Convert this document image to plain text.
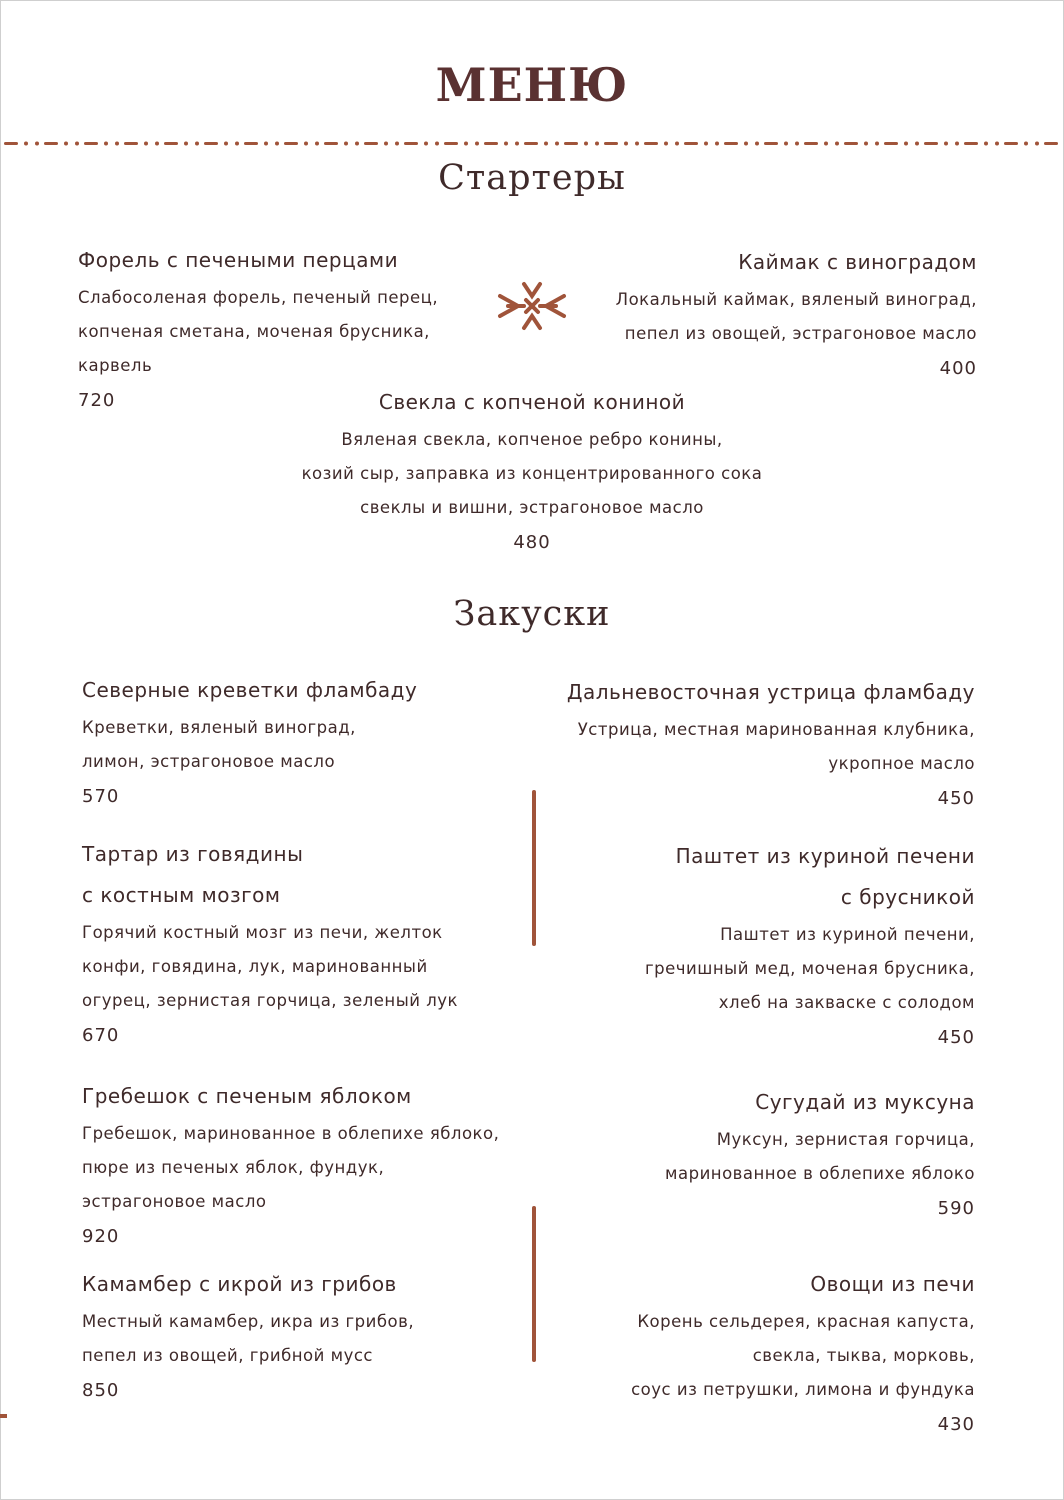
МЕНЮ
Стартеры
Форель с печеными перцами
Слабосоленая форель, печеный перец,
копченая сметана, моченая брусника,
карвель
720
Каймак с виноградом
Локальный каймак, вяленый виноград,
пепел из овощей, эстрагоновое масло
400
Свекла с копченой кониной
Вяленая свекла, копченое ребро конины,
козий сыр, заправка из концентрированного сока
свеклы и вишни, эстрагоновое масло
480
Закуски
Северные креветки фламбаду
Креветки, вяленый виноград,
лимон, эстрагоновое масло
570
Тартар из говядины
с костным мозгом
Горячий костный мозг из печи, желток
конфи, говядина, лук, маринованный
огурец, зернистая горчица, зеленый лук
670
Гребешок с печеным яблоком
Гребешок, маринованное в облепихе яблоко,
пюре из печеных яблок, фундук,
эстрагоновое масло
920
Камамбер с икрой из грибов
Местный камамбер, икра из грибов,
пепел из овощей, грибной мусс
850
Дальневосточная устрица фламбаду
Устрица, местная маринованная клубника,
укропное масло
450
Паштет из куриной печени
с брусникой
Паштет из куриной печени,
гречишный мед, моченая брусника,
хлеб на закваске с солодом
450
Сугудай из муксуна
Муксун, зернистая горчица,
маринованное в облепихе яблоко
590
Овощи из печи
Корень сельдерея, красная капуста,
свекла, тыква, морковь,
соус из петрушки, лимона и фундука
430
